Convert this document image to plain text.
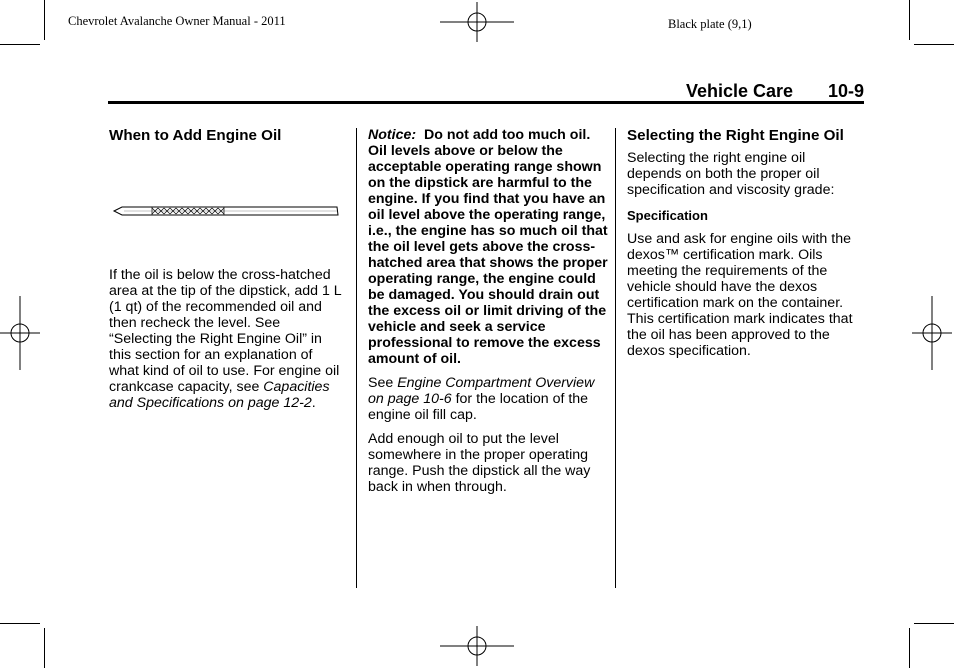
Chevrolet Avalanche Owner Manual - 2011	Black plate (9,1)
Vehicle Care 10-9
When to Add Engine Oil

If the oil is below the cross-hatched area at the tip of the dipstick, add 1 L (1 qt) of the recommended oil and then recheck the level. See “Selecting the Right Engine Oil” in this section for an explanation of what kind of oil to use. For engine oil crankcase capacity, see Capacities and Specifications on page 12-2.

Notice: Do not add too much oil. Oil levels above or below the acceptable operating range shown on the dipstick are harmful to the engine. If you find that you have an oil level above the operating range, i.e., the engine has so much oil that the oil level gets above the cross-hatched area that shows the proper operating range, the engine could be damaged. You should drain out the excess oil or limit driving of the vehicle and seek a service professional to remove the excess amount of oil.

See Engine Compartment Overview on page 10-6 for the location of the engine oil fill cap.

Add enough oil to put the level somewhere in the proper operating range. Push the dipstick all the way back in when through.

Selecting the Right Engine Oil

Selecting the right engine oil depends on both the proper oil specification and viscosity grade:

Specification

Use and ask for engine oils with the dexos™ certification mark. Oils meeting the requirements of the vehicle should have the dexos certification mark on the container. This certification mark indicates that the oil has been approved to the dexos specification.
